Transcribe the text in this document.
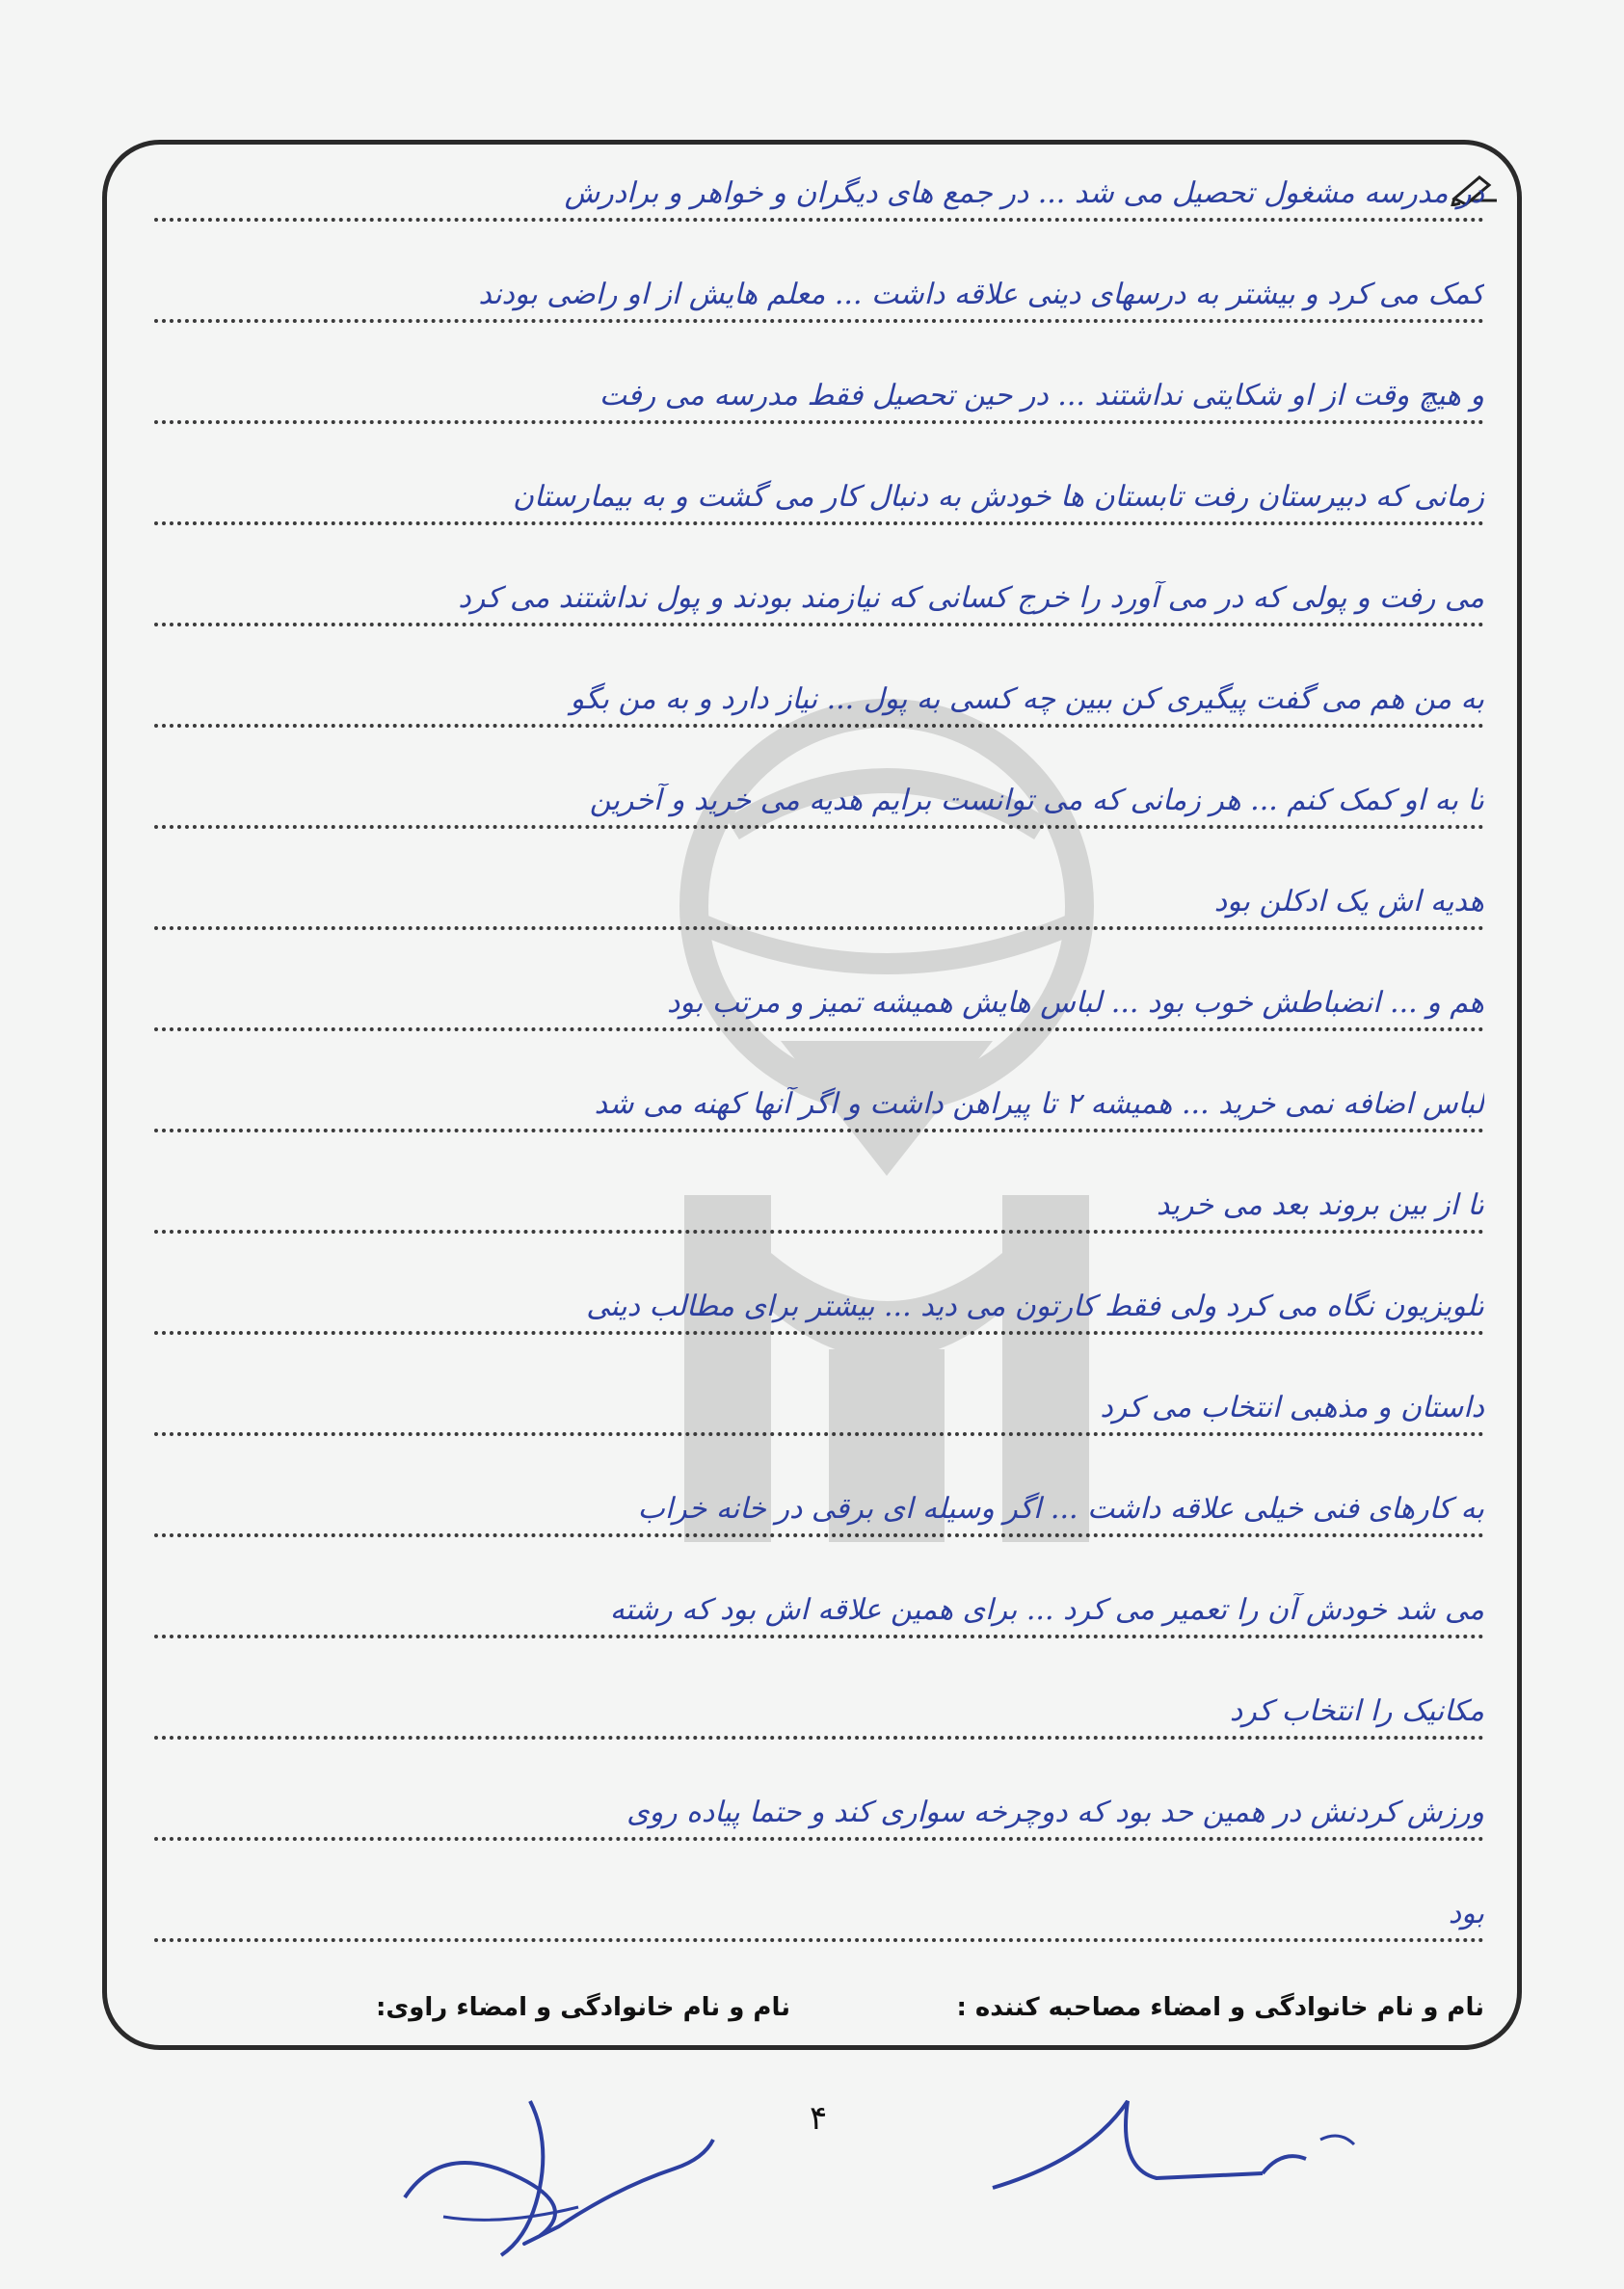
در مدرسه مشغول تحصیل می شد ... در جمع های دیگران و خواهر و برادرش
کمک می کرد و بیشتر به درسهای دینی علاقه داشت ... معلم هایش از او راضی بودند
و هیچ وقت از او شکایتی نداشتند ... در حین تحصیل فقط مدرسه می رفت
زمانی که دبیرستان رفت تابستان ها خودش به دنبال کار می گشت و به بیمارستان
می رفت و پولی که در می آورد را خرج کسانی که نیازمند بودند و پول نداشتند می کرد
به من هم می گفت پیگیری کن ببین چه کسی به پول ... نیاز دارد و به من بگو
تا به او کمک کنم ... هر زمانی که می توانست برایم هدیه می خرید و آخرین
هدیه اش یک ادکلن بود
هم و ... انضباطش خوب بود ... لباس هایش همیشه تمیز و مرتب بود
لباس اضافه نمی خرید ... همیشه ۲ تا پیراهن داشت و اگر آنها کهنه می شد
تا از بین بروند بعد می خرید
تلویزیون نگاه می کرد ولی فقط کارتون می دید ... بیشتر برای مطالب دینی
داستان و مذهبی انتخاب می کرد
به کارهای فنی خیلی علاقه داشت ... اگر وسیله ای برقی در خانه خراب
می شد خودش آن را تعمیر می کرد ... برای همین علاقه اش بود که رشته
مکانیک را انتخاب کرد
ورزش کردنش در همین حد بود که دوچرخه سواری کند و حتما پیاده روی
بود
نام و نام خانوادگی و امضاء مصاحبه کننده :
نام و نام خانوادگی و امضاء راوی:
۴
